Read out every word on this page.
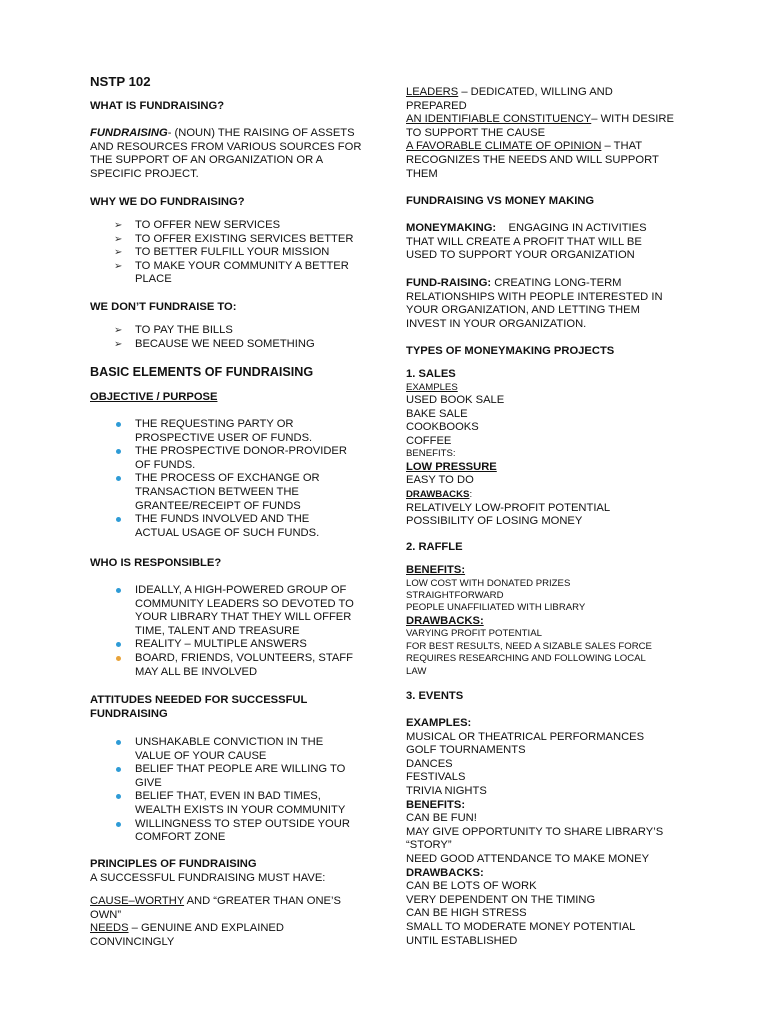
NSTP 102
WHAT IS FUNDRAISING?
FUNDRAISING- (NOUN) THE RAISING OF ASSETS
AND RESOURCES FROM VARIOUS SOURCES FOR
THE SUPPORT OF AN ORGANIZATION OR A
SPECIFIC PROJECT.
WHY WE DO FUNDRAISING?
➢ TO OFFER NEW SERVICES
➢ TO OFFER EXISTING SERVICES BETTER
➢ TO BETTER FULFILL YOUR MISSION
➢ TO MAKE YOUR COMMUNITY A BETTER
PLACE
WE DON’T FUNDRAISE TO:
➢ TO PAY THE BILLS
➢ BECAUSE WE NEED SOMETHING
BASIC ELEMENTS OF FUNDRAISING
OBJECTIVE / PURPOSE
THE REQUESTING PARTY OR
PROSPECTIVE USER OF FUNDS.
THE PROSPECTIVE DONOR-PROVIDER
OF FUNDS.
THE PROCESS OF EXCHANGE OR
TRANSACTION BETWEEN THE
GRANTEE/RECEIPT OF FUNDS
THE FUNDS INVOLVED AND THE
ACTUAL USAGE OF SUCH FUNDS.
WHO IS RESPONSIBLE?
IDEALLY, A HIGH-POWERED GROUP OF
COMMUNITY LEADERS SO DEVOTED TO
YOUR LIBRARY THAT THEY WILL OFFER
TIME, TALENT AND TREASURE
REALITY – MULTIPLE ANSWERS
BOARD, FRIENDS, VOLUNTEERS, STAFF
MAY ALL BE INVOLVED
ATTITUDES NEEDED FOR SUCCESSFUL
FUNDRAISING
UNSHAKABLE CONVICTION IN THE
VALUE OF YOUR CAUSE
BELIEF THAT PEOPLE ARE WILLING TO
GIVE
BELIEF THAT, EVEN IN BAD TIMES,
WEALTH EXISTS IN YOUR COMMUNITY
WILLINGNESS TO STEP OUTSIDE YOUR
COMFORT ZONE
PRINCIPLES OF FUNDRAISING
A SUCCESSFUL FUNDRAISING MUST HAVE:
CAUSE–WORTHY AND “GREATER THAN ONE’S
OWN”
NEEDS – GENUINE AND EXPLAINED
CONVINCINGLY
LEADERS – DEDICATED, WILLING AND
PREPARED
AN IDENTIFIABLE CONSTITUENCY– WITH DESIRE
TO SUPPORT THE CAUSE
A FAVORABLE CLIMATE OF OPINION – THAT
RECOGNIZES THE NEEDS AND WILL SUPPORT
THEM
FUNDRAISING VS MONEY MAKING
MONEYMAKING:    ENGAGING IN ACTIVITIES
THAT WILL CREATE A PROFIT THAT WILL BE
USED TO SUPPORT YOUR ORGANIZATION
FUND-RAISING: CREATING LONG-TERM
RELATIONSHIPS WITH PEOPLE INTERESTED IN
YOUR ORGANIZATION, AND LETTING THEM
INVEST IN YOUR ORGANIZATION.
TYPES OF MONEYMAKING PROJECTS
1. SALES
EXAMPLES
USED BOOK SALE
BAKE SALE
COOKBOOKS
COFFEE
BENEFITS:
LOW PRESSURE
EASY TO DO
DRAWBACKS:
RELATIVELY LOW-PROFIT POTENTIAL
POSSIBILITY OF LOSING MONEY
2. RAFFLE
BENEFITS:
LOW COST WITH DONATED PRIZES
STRAIGHTFORWARD
PEOPLE UNAFFILIATED WITH LIBRARY
DRAWBACKS:
VARYING PROFIT POTENTIAL
FOR BEST RESULTS, NEED A SIZABLE SALES FORCE
REQUIRES RESEARCHING AND FOLLOWING LOCAL
LAW
3. EVENTS
EXAMPLES:
MUSICAL OR THEATRICAL PERFORMANCES
GOLF TOURNAMENTS
DANCES
FESTIVALS
TRIVIA NIGHTS
BENEFITS:
CAN BE FUN!
MAY GIVE OPPORTUNITY TO SHARE LIBRARY’S
“STORY”
NEED GOOD ATTENDANCE TO MAKE MONEY
DRAWBACKS:
CAN BE LOTS OF WORK
VERY DEPENDENT ON THE TIMING
CAN BE HIGH STRESS
SMALL TO MODERATE MONEY POTENTIAL
UNTIL ESTABLISHED
